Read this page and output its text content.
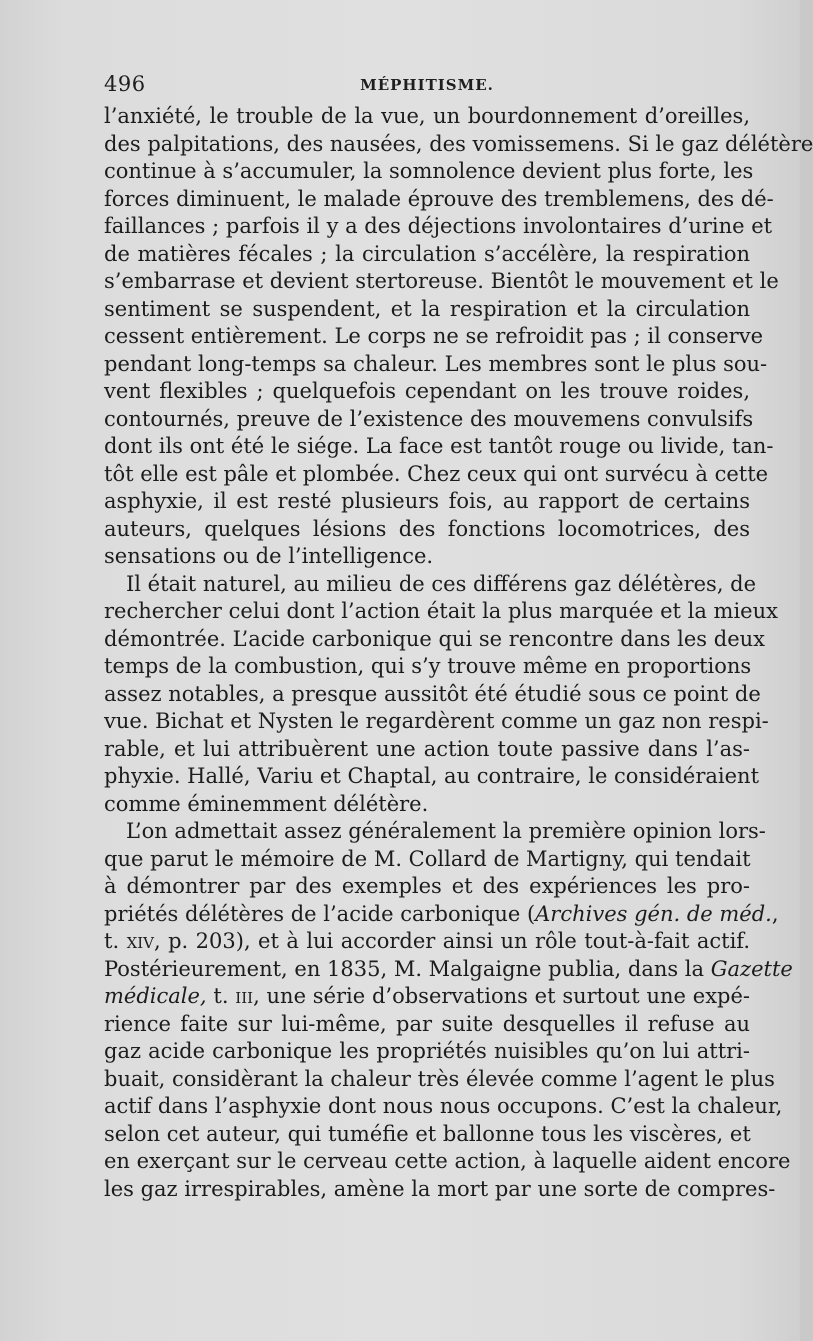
496	MÉPHITISME.
l’anxiété, le trouble de la vue, un bourdonnement d’oreilles,
des palpitations, des nausées, des vomissemens. Si le gaz délétère
continue à s’accumuler, la somnolence devient plus forte, les
forces diminuent, le malade éprouve des tremblemens, des dé-
faillances ; parfois il y a des déjections involontaires d’urine et
de matières fécales ; la circulation s’accélère, la respiration
s’embarrase et devient stertoreuse. Bientôt le mouvement et le
sentiment se suspendent, et la respiration et la circulation
cessent entièrement. Le corps ne se refroidit pas ; il conserve
pendant long-temps sa chaleur. Les membres sont le plus sou-
vent flexibles ; quelquefois cependant on les trouve roides,
contournés, preuve de l’existence des mouvemens convulsifs
dont ils ont été le siége. La face est tantôt rouge ou livide, tan-
tôt elle est pâle et plombée. Chez ceux qui ont survécu à cette
asphyxie, il est resté plusieurs fois, au rapport de certains
auteurs, quelques lésions des fonctions locomotrices, des
sensations ou de l’intelligence.
Il était naturel, au milieu de ces différens gaz délétères, de
rechercher celui dont l’action était la plus marquée et la mieux
démontrée. L’acide carbonique qui se rencontre dans les deux
temps de la combustion, qui s’y trouve même en proportions
assez notables, a presque aussitôt été étudié sous ce point de
vue. Bichat et Nysten le regardèrent comme un gaz non respi-
rable, et lui attribuèrent une action toute passive dans l’as-
phyxie. Hallé, Variu et Chaptal, au contraire, le considéraient
comme éminemment délétère.
L’on admettait assez généralement la première opinion lors-
que parut le mémoire de M. Collard de Martigny, qui tendait
à démontrer par des exemples et des expériences les pro-
priétés délétères de l’acide carbonique (Archives gén. de méd.,
t. xiv, p. 203), et à lui accorder ainsi un rôle tout-à-fait actif.
Postérieurement, en 1835, M. Malgaigne publia, dans la Gazette
médicale, t. iii, une série d’observations et surtout une expé-
rience faite sur lui-même, par suite desquelles il refuse au
gaz acide carbonique les propriétés nuisibles qu’on lui attri-
buait, considèrant la chaleur très élevée comme l’agent le plus
actif dans l’asphyxie dont nous nous occupons. C’est la chaleur,
selon cet auteur, qui tuméfie et ballonne tous les viscères, et
en exerçant sur le cerveau cette action, à laquelle aident encore
les gaz irrespirables, amène la mort par une sorte de compres-
